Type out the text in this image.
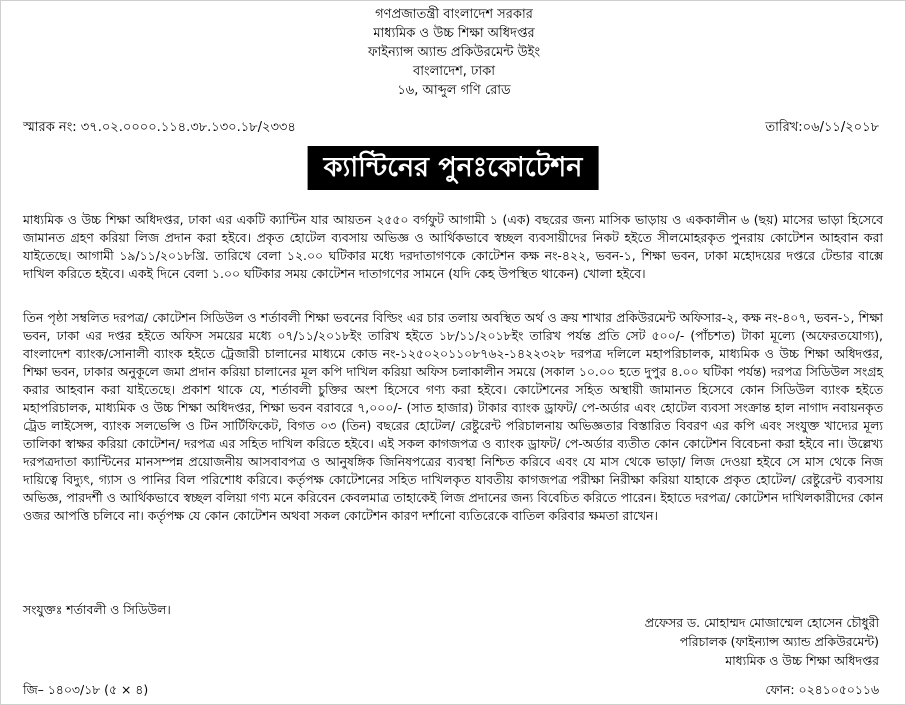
গণপ্রজাতন্ত্রী বাংলাদেশ সরকার
মাধ্যমিক ও উচ্চ শিক্ষা অধিদপ্তর
ফাইন্যান্স অ্যান্ড প্রকিউরমেন্ট উইং
বাংলাদেশ, ঢাকা
১৬, আব্দুল গণি রোড
স্মারক নং: ৩৭.০২.০০০০.১১৪.৩৮.১৩০.১৮/২৩৩৪	তারিখ:০৬/১১/২০১৮
ক্যান্টিনের পুনঃকোটেশন

মাধ্যমিক ও উচ্চ শিক্ষা অধিদপ্তর, ঢাকা এর একটি ক্যান্টিন যার আয়তন ২৫৫০ বর্গফুট আগামী ১ (এক) বছরের জন্য মাসিক ভাড়ায় ও এককালীন ৬ (ছয়) মাসের ভাড়া হিসেবে জামানত গ্রহণ করিয়া লিজ প্রদান করা হইবে। প্রকৃত হোটেল ব্যবসায় অভিজ্ঞ ও আর্থিকভাবে স্বচ্ছল ব্যবসায়ীদের নিকট হইতে সীলমোহরকৃত পুনরায় কোটেশন আহবান করা যাইতেছে। আগামী ১৯/১১/২০১৮খ্রি. তারিখে বেলা ১২.০০ ঘটিকার মধ্যে দরদাতাগণকে কোটেশন কক্ষ নং-৪২২, ভবন-১, শিক্ষা ভবন, ঢাকা মহোদয়ের দপ্তরে টেন্ডার বাক্সে দাখিল করিতে হইবে। একই দিনে বেলা ১.০০ ঘটিকার সময় কোটেশন দাতাগণের সামনে (যদি কেহ উপস্থিত থাকেন) খোলা হইবে।

তিন পৃষ্ঠা সম্বলিত দরপত্র/ কোটেশন সিডিউল ও শর্তাবলী শিক্ষা ভবনের বিল্ডিং এর চার তলায় অবস্থিত অর্থ ও ক্রয় শাখার প্রকিউরমেন্ট অফিসার-২, কক্ষ নং-৪০৭, ভবন-১, শিক্ষা ভবন, ঢাকা এর দপ্তর হইতে অফিস সময়ের মধ্যে ০৭/১১/২০১৮ইং তারিখ হইতে ১৮/১১/২০১৮ইং তারিখ পর্যন্ত প্রতি সেট ৫০০/- (পাঁচশত) টাকা মূল্যে (অফেরতযোগ্য), বাংলাদেশ ব্যাংক/সোনালী ব্যাংক হইতে ট্রেজারী চালানের মাধ্যমে কোড নং-১২৫০২০১১০৮৭৬২-১৪২২৩২৮ দরপত্র দলিলে মহাপরিচালক, মাধ্যমিক ও উচ্চ শিক্ষা অধিদপ্তর, শিক্ষা ভবন, ঢাকার অনুকূলে জমা প্রদান করিয়া চালানের মূল কপি দাখিল করিয়া অফিস চলাকালীন সময়ে (সকাল ১০.০০ হতে দুপুর ৪.০০ ঘটিকা পর্যন্ত) দরপত্র সিডিউল সংগ্রহ করার আহবান করা যাইতেছে। প্রকাশ থাকে যে, শর্তাবলী চুক্তির অংশ হিসেবে গণ্য করা হইবে। কোটেশনের সহিত অস্থায়ী জামানত হিসেবে কোন সিডিউল ব্যাংক হইতে মহাপরিচালক, মাধ্যমিক ও উচ্চ শিক্ষা অধিদপ্তর, শিক্ষা ভবন বরাবরে ৭,০০০/- (সাত হাজার) টাকার ব্যাংক ড্রাফট/ পে-অর্ডার এবং হোটেল ব্যবসা সংক্রান্ত হাল নাগাদ নবায়নকৃত ট্রেড লাইসেন্স, ব্যাংক সলভেন্সি ও টিন সার্টিফিকেট, বিগত ০৩ (তিন) বছরের হোটেল/ রেষ্টুরেন্ট পরিচালনায় অভিজ্ঞতার বিস্তারিত বিবরণ এর কপি এবং সংযুক্ত খাদ্যের মূল্য তালিকা স্বাক্ষর করিয়া কোটেশন/ দরপত্র এর সহিত দাখিল করিতে হইবে। এই সকল কাগজপত্র ও ব্যাংক ড্রাফট/ পে-অর্ডার ব্যতীত কোন কোটেশন বিবেচনা করা হইবে না। উল্লেখ্য দরপত্রদাতা ক্যান্টিনের মানসম্পন্ন প্রয়োজনীয় আসবাবপত্র ও আনুষঙ্গিক জিনিষপত্রের ব্যবস্থা নিশ্চিত করিবে এবং যে মাস থেকে ভাড়া/ লিজ দেওয়া হইবে সে মাস থেকে নিজ দায়িত্বে বিদ্যুৎ, গ্যাস ও পানির বিল পরিশোধ করিবে। কর্তৃপক্ষ কোটেশনের সহিত দাখিলকৃত যাবতীয় কাগজপত্র পরীক্ষা নিরীক্ষা করিয়া যাহাকে প্রকৃত হোটেল/ রেষ্টুরেন্ট ব্যবসায় অভিজ্ঞ, পারদর্শী ও আর্থিকভাবে স্বচ্ছল বলিয়া গণ্য মনে করিবেন কেবলমাত্র তাহাকেই লিজ প্রদানের জন্য বিবেচিত করিতে পারেন। ইহাতে দরপত্র/ কোটেশন দাখিলকারীদের কোন ওজর আপত্তি চলিবে না। কর্তৃপক্ষ যে কোন কোটেশন অথবা সকল কোটেশন কারণ দর্শানো ব্যতিরেকে বাতিল করিবার ক্ষমতা রাখেন।

সংযুক্তঃ শর্তাবলী ও সিডিউল।
প্রফেসর ড. মোহাম্মদ মোজাম্মেল হোসেন চৌধুরী
পরিচালক (ফাইন্যান্স অ্যান্ড প্রকিউরমেন্ট)
মাধ্যমিক ও উচ্চ শিক্ষা অধিদপ্তর
জি– ১৪০৩/১৮ (৫ × ৪)	ফোন: ০২৪১০৫০১১৬
